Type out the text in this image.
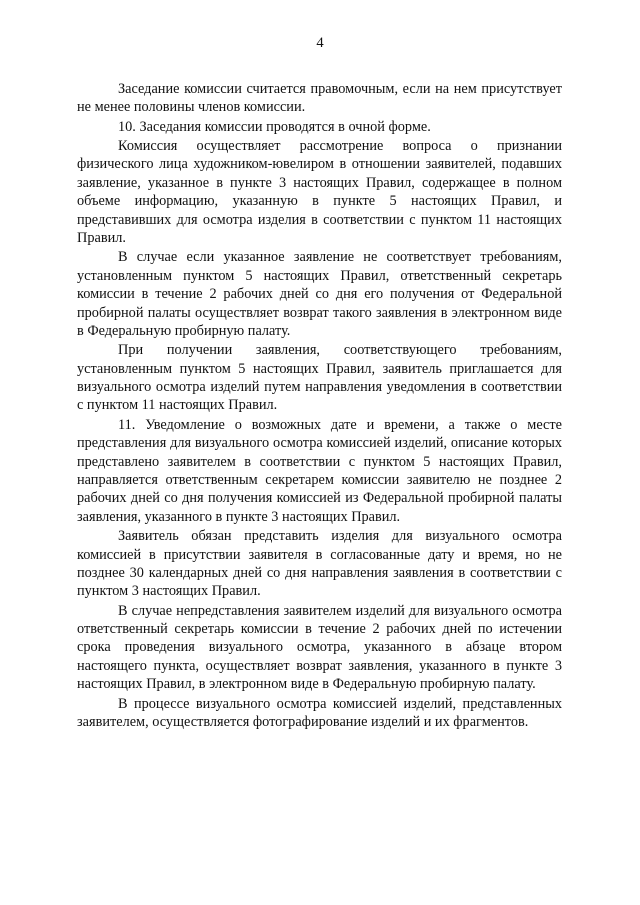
4

Заседание комиссии считается правомочным, если на нем присутствует не менее половины членов комиссии.

10. Заседания комиссии проводятся в очной форме.

Комиссия осуществляет рассмотрение вопроса о признании физического лица художником-ювелиром в отношении заявителей, подавших заявление, указанное в пункте 3 настоящих Правил, содержащее в полном объеме информацию, указанную в пункте 5 настоящих Правил, и представивших для осмотра изделия в соответствии с пунктом 11 настоящих Правил.

В случае если указанное заявление не соответствует требованиям, установленным пунктом 5 настоящих Правил, ответственный секретарь комиссии в течение 2 рабочих дней со дня его получения от Федеральной пробирной палаты осуществляет возврат такого заявления в электронном виде в Федеральную пробирную палату.

При получении заявления, соответствующего требованиям, установленным пунктом 5 настоящих Правил, заявитель приглашается для визуального осмотра изделий путем направления уведомления в соответствии с пунктом 11 настоящих Правил.

11. Уведомление о возможных дате и времени, а также о месте представления для визуального осмотра комиссией изделий, описание которых представлено заявителем в соответствии с пунктом 5 настоящих Правил, направляется ответственным секретарем комиссии заявителю не позднее 2 рабочих дней со дня получения комиссией из Федеральной пробирной палаты заявления, указанного в пункте 3 настоящих Правил.

Заявитель обязан представить изделия для визуального осмотра комиссией в присутствии заявителя в согласованные дату и время, но не позднее 30 календарных дней со дня направления заявления в соответствии с пунктом 3 настоящих Правил.

В случае непредставления заявителем изделий для визуального осмотра ответственный секретарь комиссии в течение 2 рабочих дней по истечении срока проведения визуального осмотра, указанного в абзаце втором настоящего пункта, осуществляет возврат заявления, указанного в пункте 3 настоящих Правил, в электронном виде в Федеральную пробирную палату.

В процессе визуального осмотра комиссией изделий, представленных заявителем, осуществляется фотографирование изделий и их фрагментов.
